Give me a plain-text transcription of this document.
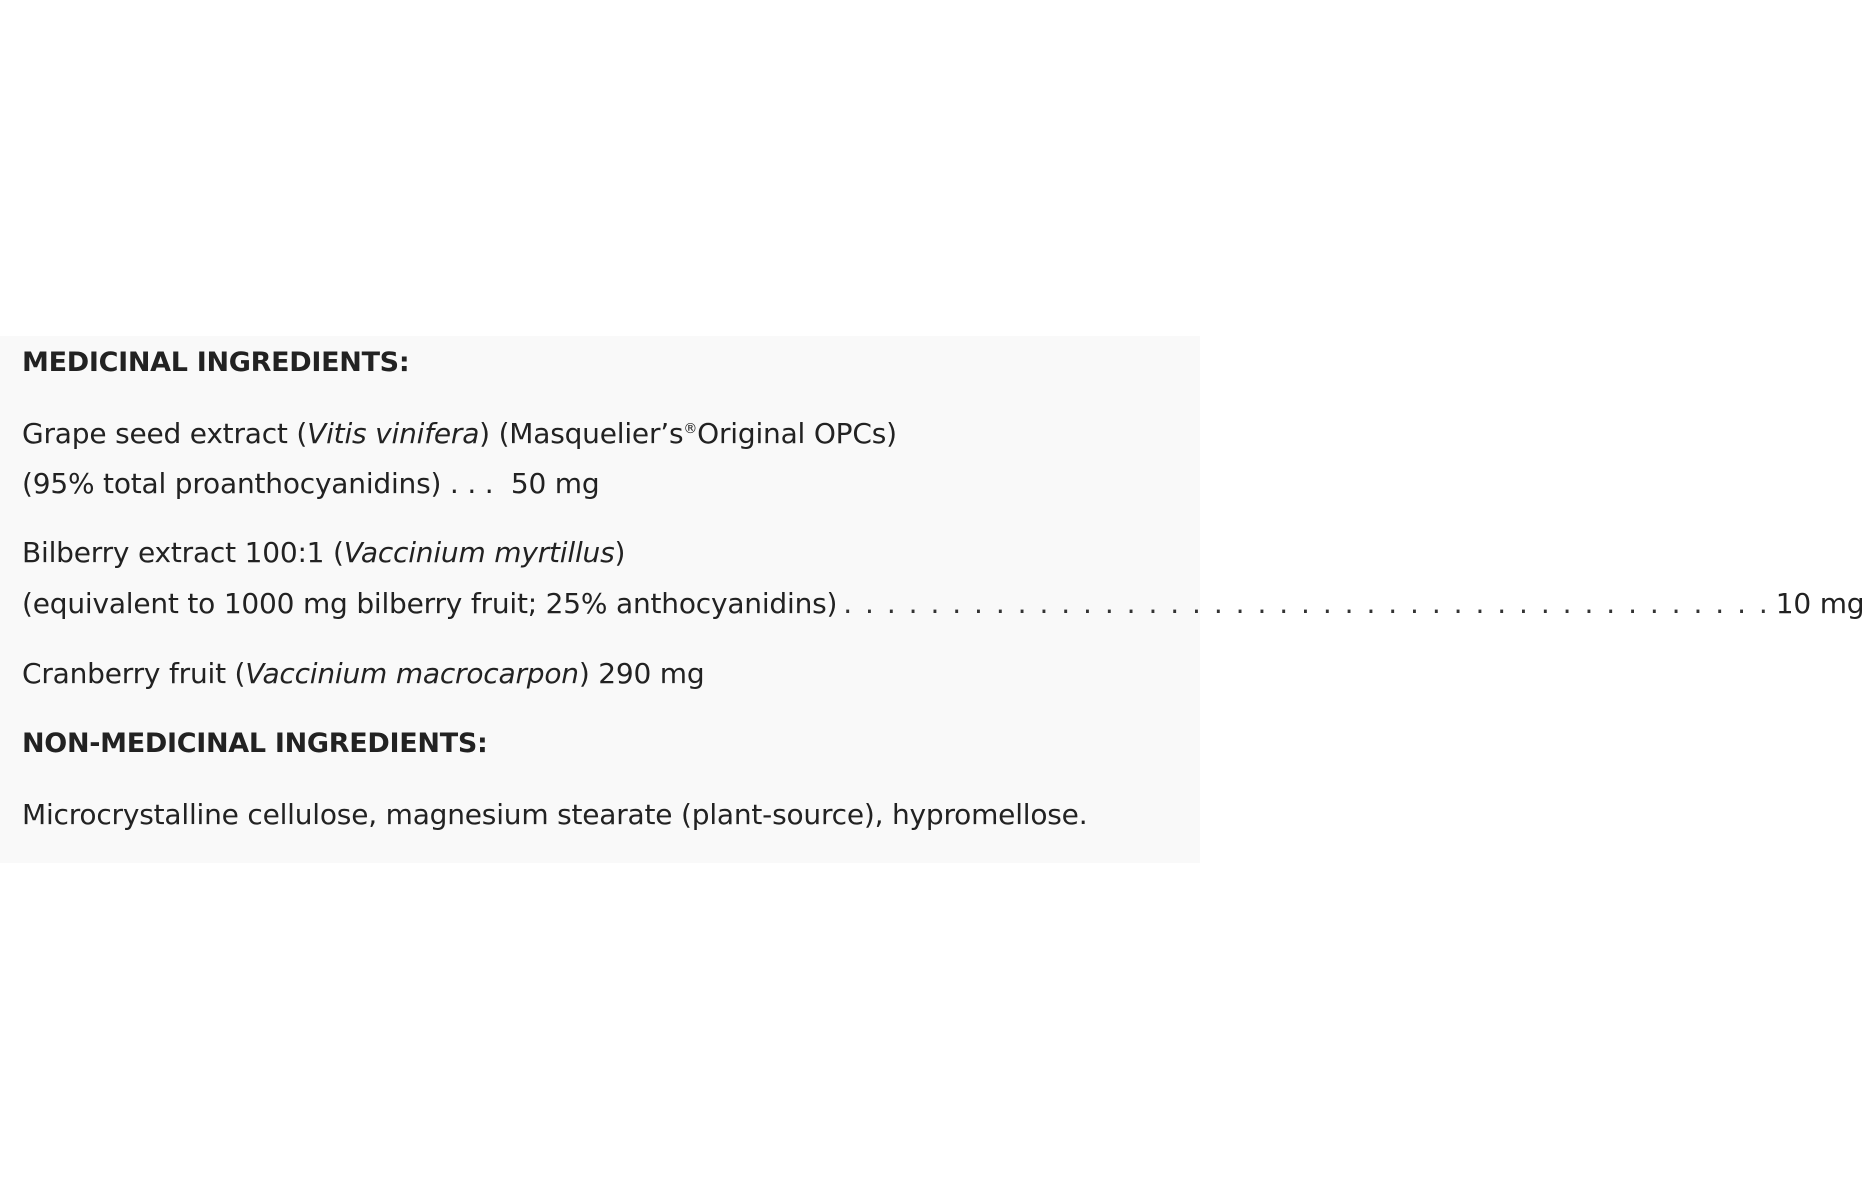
MEDICINAL INGREDIENTS:

Grape seed extract (Vitis vinifera) (Masquelier’s®Original OPCs)

(95% total proanthocyanidins) . . . 50 mg

Bilberry extract 100:1 (Vaccinium myrtillus)

(equivalent to 1000 mg bilberry fruit; 25% anthocyanidins) . . . . . . . . . . . . . . . . . . . . . . . . . . . . . . . . . . . . . . . . . . . 10 mg

Cranberry fruit (Vaccinium macrocarpon) 290 mg

NON-MEDICINAL INGREDIENTS:

Microcrystalline cellulose, magnesium stearate (plant-source), hypromellose.
